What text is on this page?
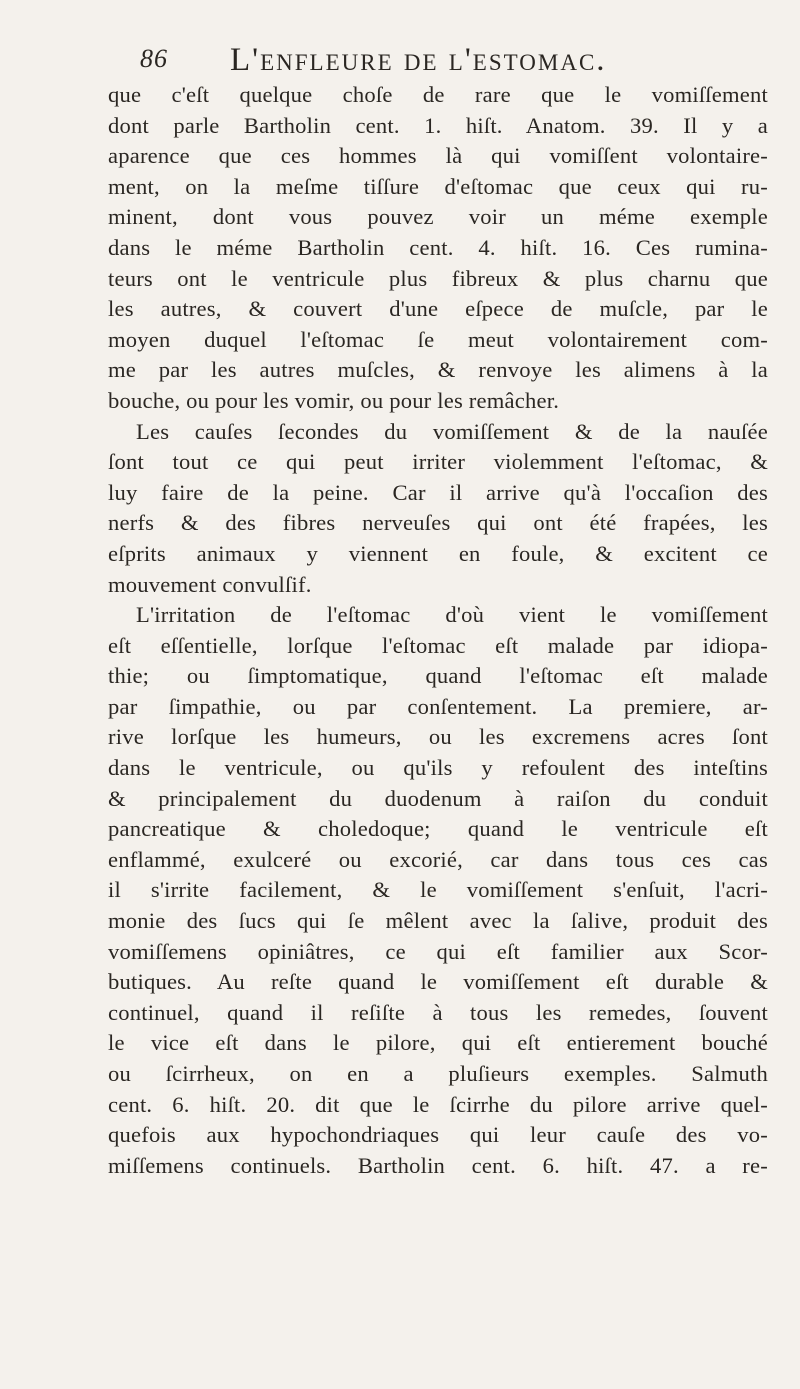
86 L'enfleure de l'estomac.
que c'eſt quelque choſe de rare que le vomiſſement
dont parle Bartholin cent. 1. hiſt. Anatom. 39. Il y a
aparence que ces hommes là qui vomiſſent volontaire-
ment, on la meſme tiſſure d'eſtomac que ceux qui ru-
minent, dont vous pouvez voir un méme exemple
dans le méme Bartholin cent. 4. hiſt. 16. Ces rumina-
teurs ont le ventricule plus fibreux & plus charnu que
les autres, & couvert d'une eſpece de muſcle, par le
moyen duquel l'eſtomac ſe meut volontairement com-
me par les autres muſcles, & renvoye les alimens à la
bouche, ou pour les vomir, ou pour les remâcher.
Les cauſes ſecondes du vomiſſement & de la nauſée
ſont tout ce qui peut irriter violemment l'eſtomac, &
luy faire de la peine. Car il arrive qu'à l'occaſion des
nerfs & des fibres nerveuſes qui ont été frapées, les
eſprits animaux y viennent en foule, & excitent ce
mouvement convulſif.
L'irritation de l'eſtomac d'où vient le vomiſſement
eſt eſſentielle, lorſque l'eſtomac eſt malade par idiopa-
thie; ou ſimptomatique, quand l'eſtomac eſt malade
par ſimpathie, ou par conſentement. La premiere, ar-
rive lorſque les humeurs, ou les excremens acres ſont
dans le ventricule, ou qu'ils y refoulent des inteſtins
& principalement du duodenum à raiſon du conduit
pancreatique & choledoque; quand le ventricule eſt
enflammé, exulceré ou excorié, car dans tous ces cas
il s'irrite facilement, & le vomiſſement s'enſuit, l'acri-
monie des ſucs qui ſe mêlent avec la ſalive, produit des
vomiſſemens opiniâtres, ce qui eſt familier aux Scor-
butiques. Au reſte quand le vomiſſement eſt durable &
continuel, quand il reſiſte à tous les remedes, ſouvent
le vice eſt dans le pilore, qui eſt entierement bouché
ou ſcirrheux, on en a pluſieurs exemples. Salmuth
cent. 6. hiſt. 20. dit que le ſcirrhe du pilore arrive quel-
quefois aux hypochondriaques qui leur cauſe des vo-
miſſemens continuels. Bartholin cent. 6. hiſt. 47. a re-
